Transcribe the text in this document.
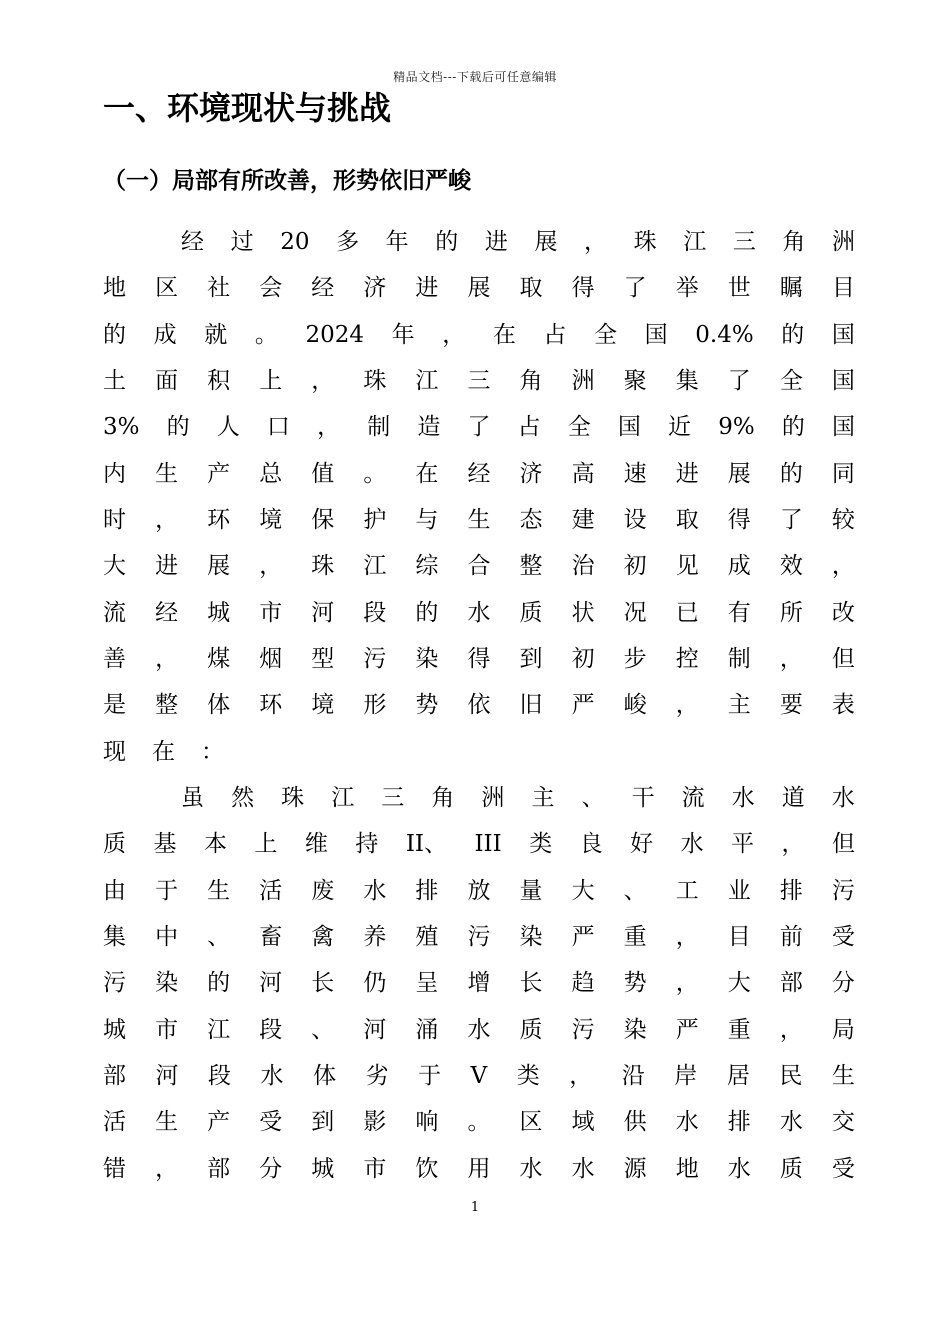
精品文档---下载后可任意编辑
一、环境现状与挑战
（一）局部有所改善，形势依旧严峻
经 过 20 多 年 的 进 展 ， 珠 江 三 角 洲
地 区 社 会 经 济 进 展 取 得 了 举 世 瞩 目
的 成 就 。 2024 年 ， 在 占 全 国 0.4% 的 国
土 面 积 上 ， 珠 江 三 角 洲 聚 集 了 全 国
3% 的 人 口 ， 制 造 了 占 全 国 近 9% 的 国
内 生 产 总 值 。 在 经 济 高 速 进 展 的 同
时 ， 环 境 保 护 与 生 态 建 设 取 得 了 较
大 进 展 ， 珠 江 综 合 整 治 初 见 成 效 ，
流 经 城 市 河 段 的 水 质 状 况 已 有 所 改
善 ， 煤 烟 型 污 染 得 到 初 步 控 制 ， 但
是 整 体 环 境 形 势 依 旧 严 峻 ， 主 要 表
现 在 ：
虽 然 珠 江 三 角 洲 主 、 干 流 水 道 水
质 基 本 上 维 持 II、 III 类 良 好 水 平 ， 但
由 于 生 活 废 水 排 放 量 大 、 工 业 排 污
集 中 、 畜 禽 养 殖 污 染 严 重 ， 目 前 受
污 染 的 河 长 仍 呈 增 长 趋 势 ， 大 部 分
城 市 江 段 、 河 涌 水 质 污 染 严 重 ， 局
部 河 段 水 体 劣 于 V 类 ， 沿 岸 居 民 生
活 生 产 受 到 影 响 。 区 域 供 水 排 水 交
错 ， 部 分 城 市 饮 用 水 水 源 地 水 质 受
1
